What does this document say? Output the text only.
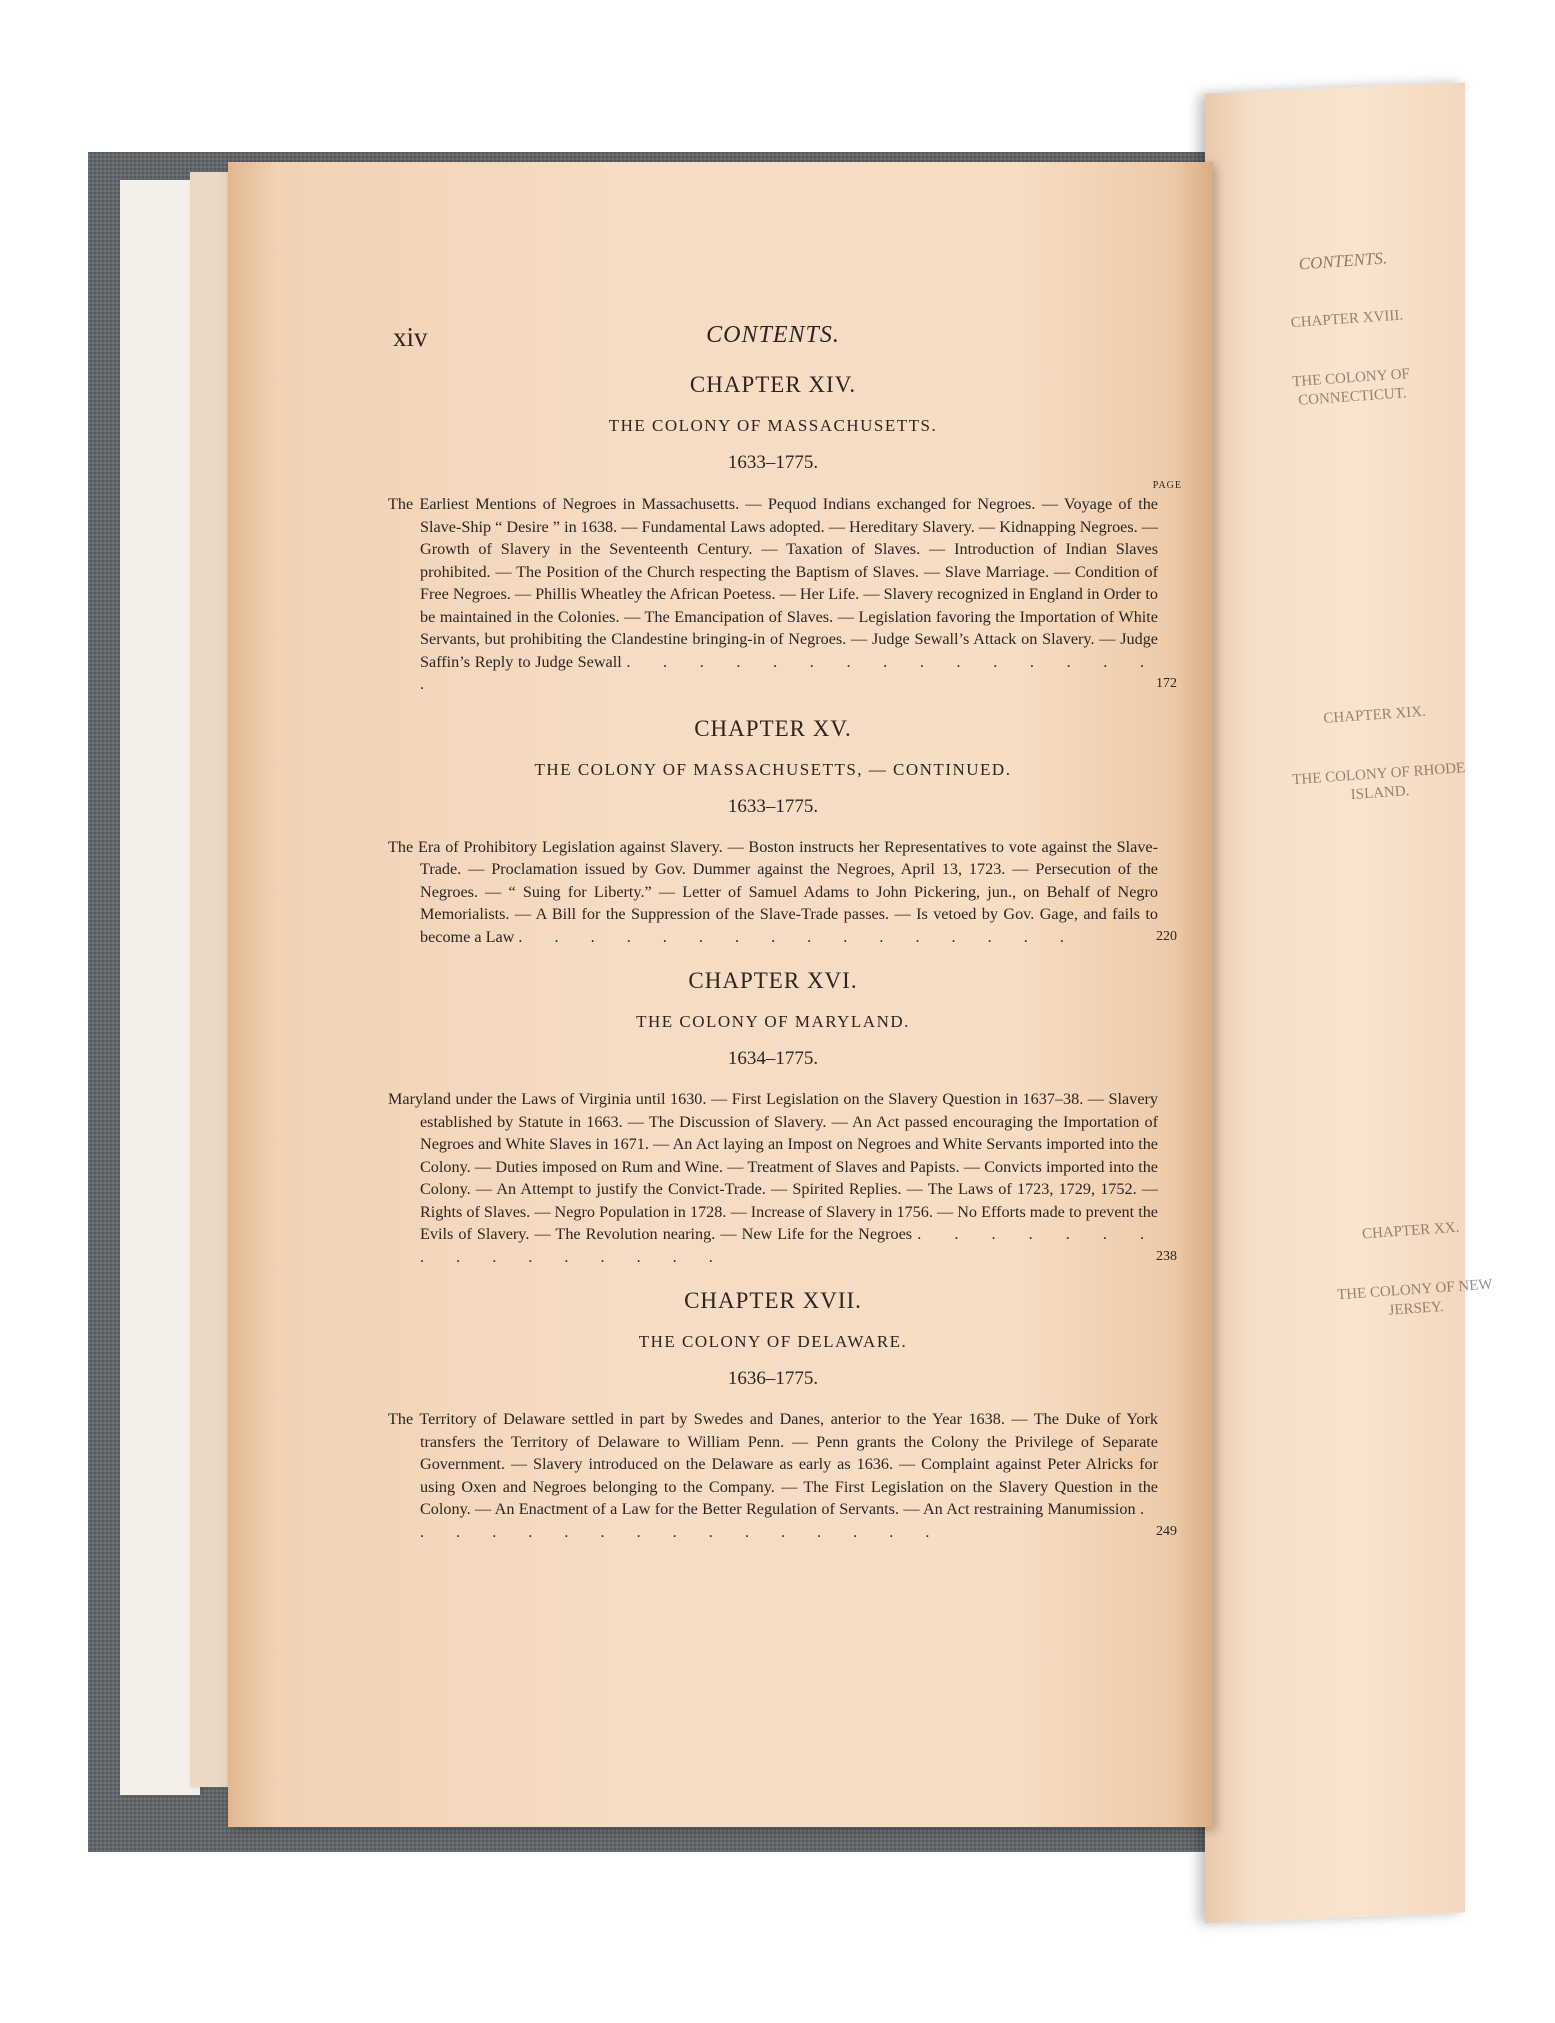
CONTENTS.
CHAPTER XVIII.
THE COLONY OF CONNECTICUT.
CHAPTER XIX.
THE COLONY OF RHODE ISLAND.
CHAPTER XX.
THE COLONY OF NEW JERSEY.
xiv	CONTENTS.
CHAPTER XIV.
THE COLONY OF MASSACHUSETTS.
1633–1775.
PAGE
The Earliest Mentions of Negroes in Massachusetts. — Pequod Indians exchanged for Negroes. — Voyage of the Slave-Ship “ Desire ” in 1638. — Fundamental Laws adopted. — Hereditary Slavery. — Kidnapping Negroes. — Growth of Slavery in the Seventeenth Century. — Taxation of Slaves. — Introduction of Indian Slaves prohibited. — The Position of the Church respecting the Baptism of Slaves. — Slave Marriage. — Condition of Free Negroes. — Phillis Wheatley the African Poetess. — Her Life. — Slavery recognized in England in Order to be maintained in the Colonies. — The Emancipation of Slaves. — Legislation favoring the Importation of White Servants, but prohibiting the Clandestine bringing-in of Negroes. — Judge Sewall’s Attack on Slavery. — Judge Saffin’s Reply to Judge Sewall . . . . . . . . . . . . . . . .	172
CHAPTER XV.
THE COLONY OF MASSACHUSETTS, — CONTINUED.
1633–1775.
The Era of Prohibitory Legislation against Slavery. — Boston instructs her Representatives to vote against the Slave-Trade. — Proclamation issued by Gov. Dummer against the Negroes, April 13, 1723. — Persecution of the Negroes. — “ Suing for Liberty.” — Letter of Samuel Adams to John Pickering, jun., on Behalf of Negro Memorialists. — A Bill for the Suppression of the Slave-Trade passes. — Is vetoed by Gov. Gage, and fails to become a Law . . . . . . . . . . . . . . . .	220
CHAPTER XVI.
THE COLONY OF MARYLAND.
1634–1775.
Maryland under the Laws of Virginia until 1630. — First Legislation on the Slavery Question in 1637–38. — Slavery established by Statute in 1663. — The Discussion of Slavery. — An Act passed encouraging the Importation of Negroes and White Slaves in 1671. — An Act laying an Impost on Negroes and White Servants imported into the Colony. — Duties imposed on Rum and Wine. — Treatment of Slaves and Papists. — Convicts imported into the Colony. — An Attempt to justify the Convict-Trade. — Spirited Replies. — The Laws of 1723, 1729, 1752. — Rights of Slaves. — Negro Population in 1728. — Increase of Slavery in 1756. — No Efforts made to prevent the Evils of Slavery. — The Revolution nearing. — New Life for the Negroes . . . . . . . . . . . . . . . .	238
CHAPTER XVII.
THE COLONY OF DELAWARE.
1636–1775.
The Territory of Delaware settled in part by Swedes and Danes, anterior to the Year 1638. — The Duke of York transfers the Territory of Delaware to William Penn. — Penn grants the Colony the Privilege of Separate Government. — Slavery introduced on the Delaware as early as 1636. — Complaint against Peter Alricks for using Oxen and Negroes belonging to the Company. — The First Legislation on the Slavery Question in the Colony. — An Enactment of a Law for the Better Regulation of Servants. — An Act restraining Manumission . . . . . . . . . . . . . . . .	249
